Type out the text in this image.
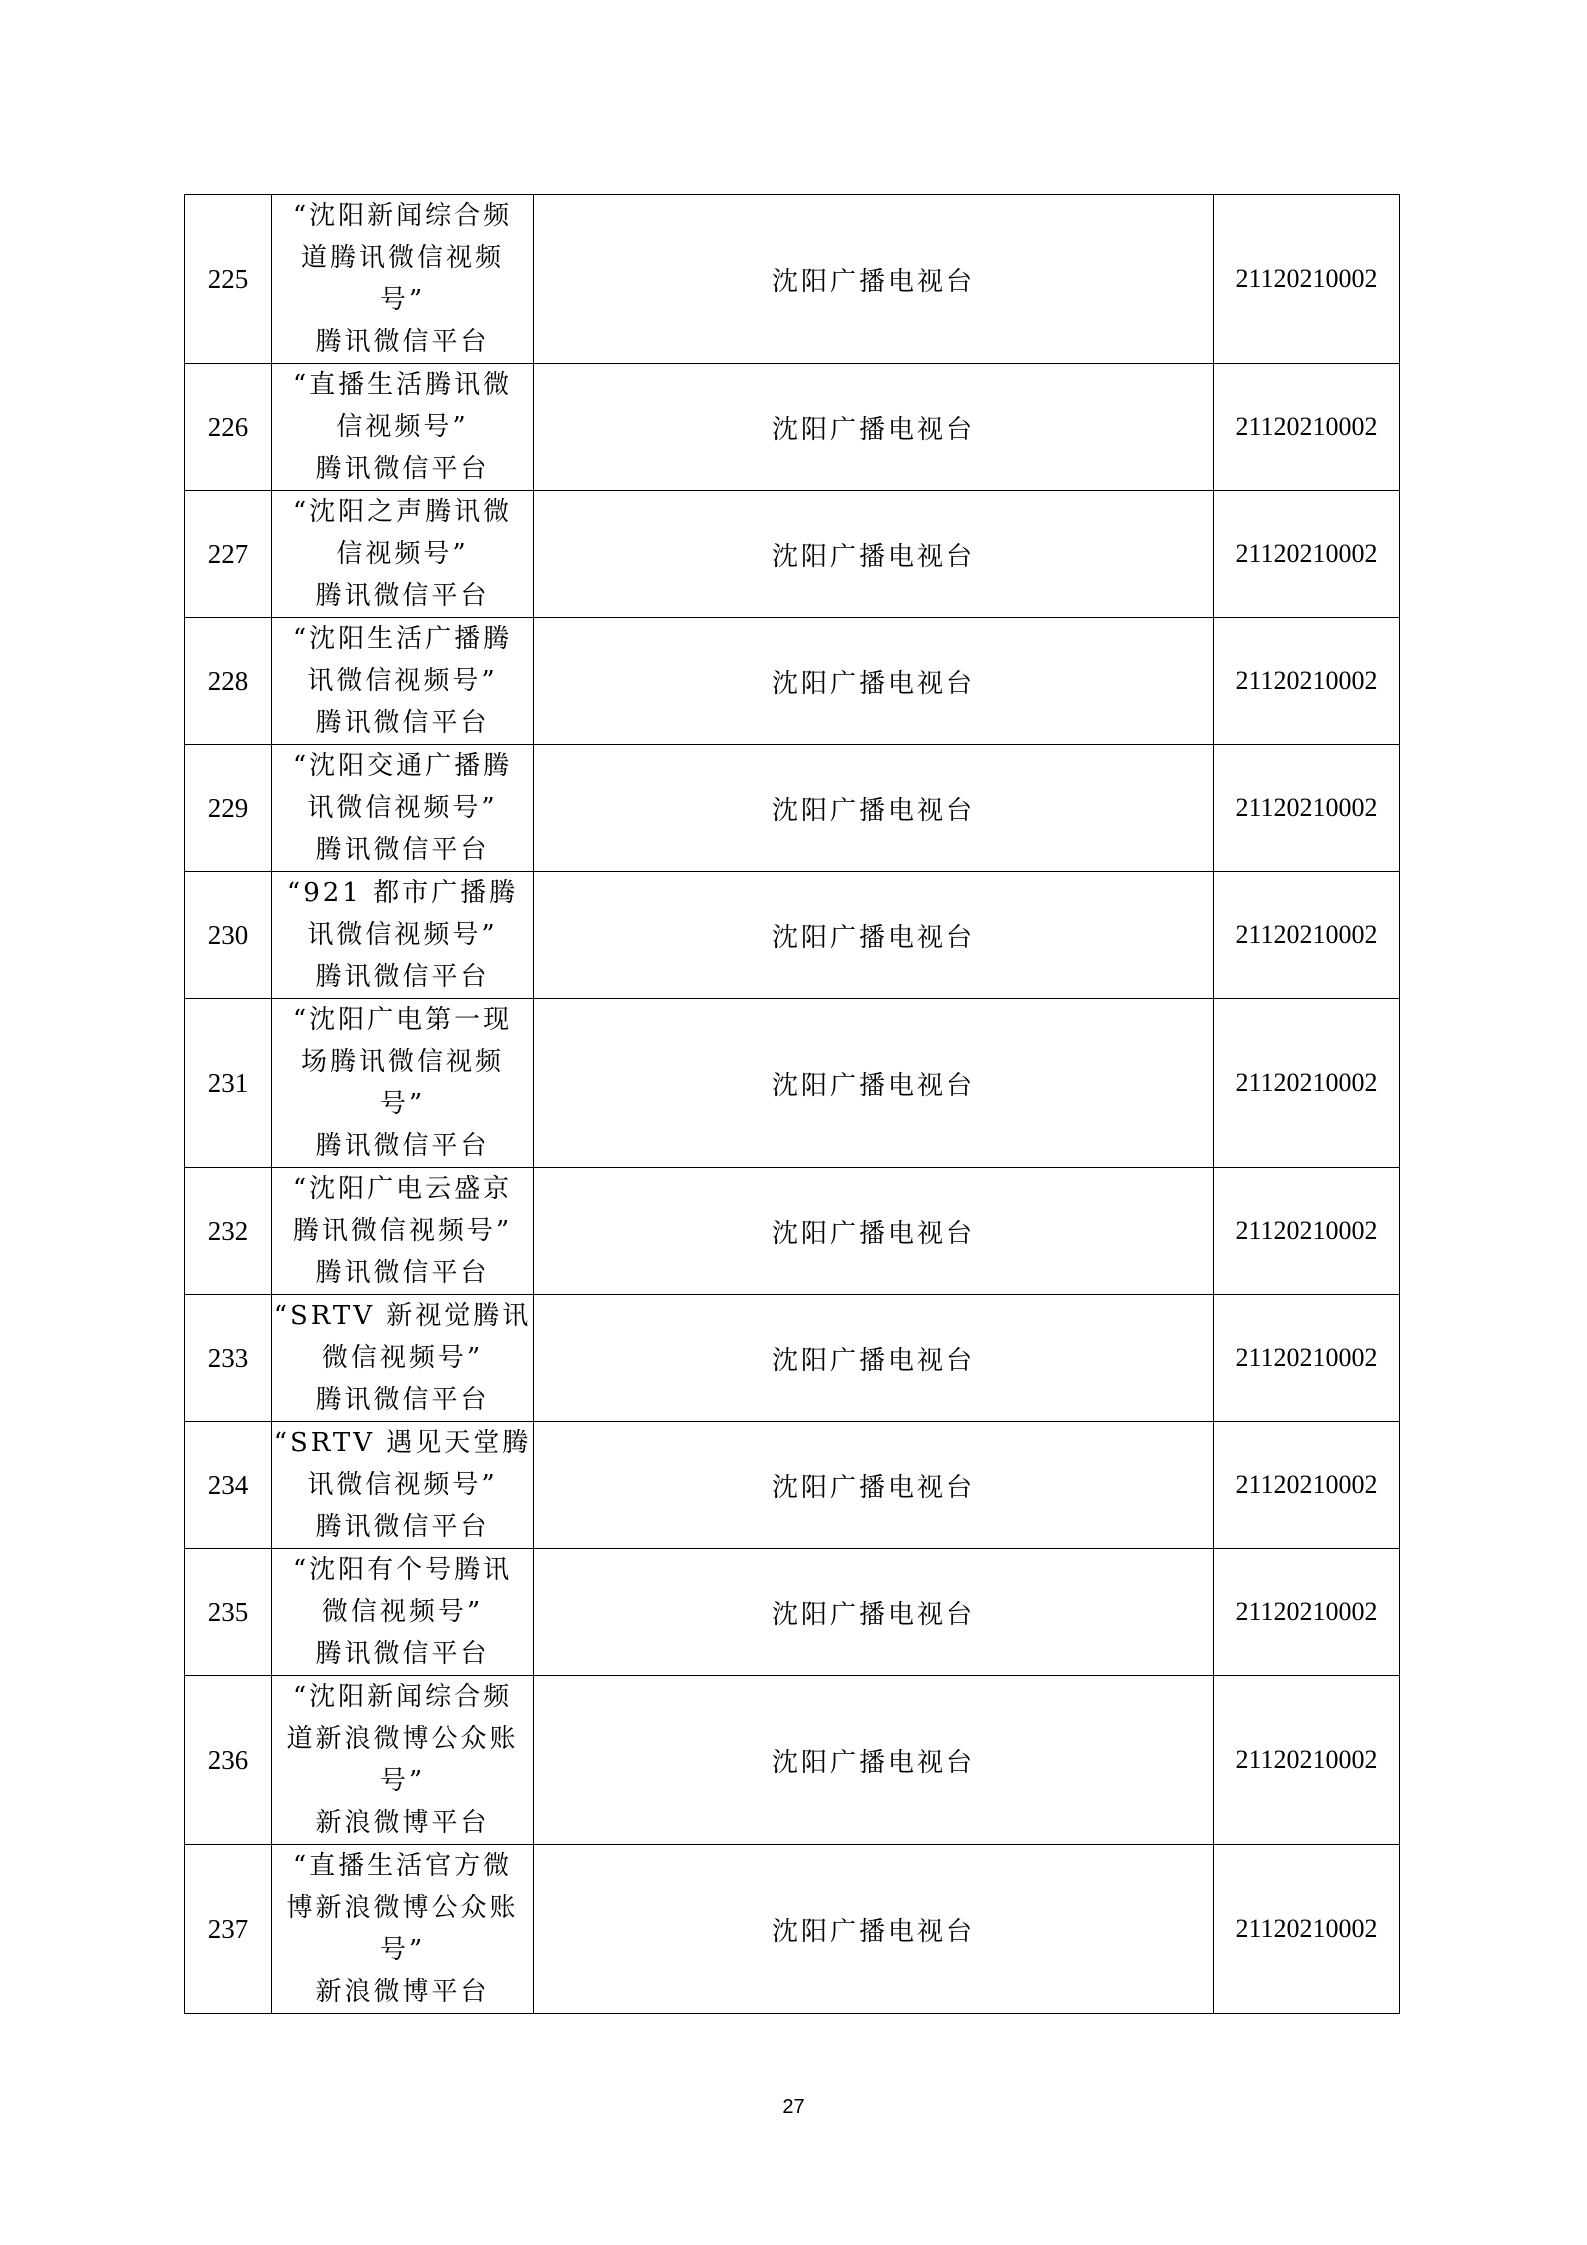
225	“沈阳新闻综合频
道腾讯微信视频
号”
腾讯微信平台	沈阳广播电视台	21120210002
226	“直播生活腾讯微
信视频号”
腾讯微信平台	沈阳广播电视台	21120210002
227	“沈阳之声腾讯微
信视频号”
腾讯微信平台	沈阳广播电视台	21120210002
228	“沈阳生活广播腾
讯微信视频号”
腾讯微信平台	沈阳广播电视台	21120210002
229	“沈阳交通广播腾
讯微信视频号”
腾讯微信平台	沈阳广播电视台	21120210002
230	“921 都市广播腾
讯微信视频号”
腾讯微信平台	沈阳广播电视台	21120210002
231	“沈阳广电第一现
场腾讯微信视频
号”
腾讯微信平台	沈阳广播电视台	21120210002
232	“沈阳广电云盛京
腾讯微信视频号”
腾讯微信平台	沈阳广播电视台	21120210002
233	“SRTV 新视觉腾讯
微信视频号”
腾讯微信平台	沈阳广播电视台	21120210002
234	“SRTV 遇见天堂腾
讯微信视频号”
腾讯微信平台	沈阳广播电视台	21120210002
235	“沈阳有个号腾讯
微信视频号”
腾讯微信平台	沈阳广播电视台	21120210002
236	“沈阳新闻综合频
道新浪微博公众账
号”
新浪微博平台	沈阳广播电视台	21120210002
237	“直播生活官方微
博新浪微博公众账
号”
新浪微博平台	沈阳广播电视台	21120210002
27
